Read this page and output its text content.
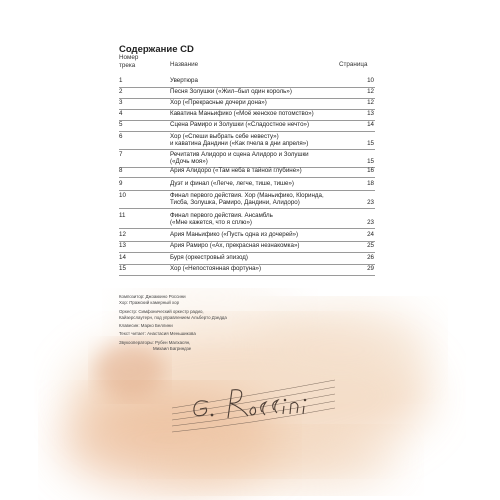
Содержание CD
Номер
трека	Название	Страница
1	Увертюра	10
2	Песня Золушки («Жил–был один король»)	12
3	Хор («Прекрасные дочери дона»)	12
4	Каватина Маньифико («Моё женское потомство»)	13
5	Сцена Рамиро и Золушки («Сладостное нечто»)	14
6	Хор («Спеши выбрать себе невесту»)
и каватина Дандини («Как пчела в дни апреля»)	15
7	Речитатив Алидоро и сцена Алидоро и Золушки
(«Дочь моя»)	15
8	Ария Алидоро («Там неба в тайной глубине»)	16
9	Дуэт и финал («Легче, легче, тише, тише»)	18
10	Финал первого действия. Хор (Маньифико, Кloринда,
Тисба, Золушка, Рамиро, Дандини, Алидоро)	23
11	Финал первого действия. Ансамбль
(«Мне кажется, что я сплю»)	23
12	Ария Маньифико («Пусть одна из дочерей»)	24
13	Ария Рамиро («Ах, прекрасная незнакомка»)	25
14	Буря (оркестровый эпизод)	26
15	Хор («Непостоянная фортуна»)	29
Композитор: Джоаккино Россини
Хор: Пражский камерный хор
Оркестр: Симфонический оркестр радио,
Кайзерслаутерн, под управлением Альберто Дзедда
Клавесин: Марко Беллини
Текст читает: Анастасия Меньшикова
Звукооператоры: Рубен Малхасян,
Михаил Багриндзе
